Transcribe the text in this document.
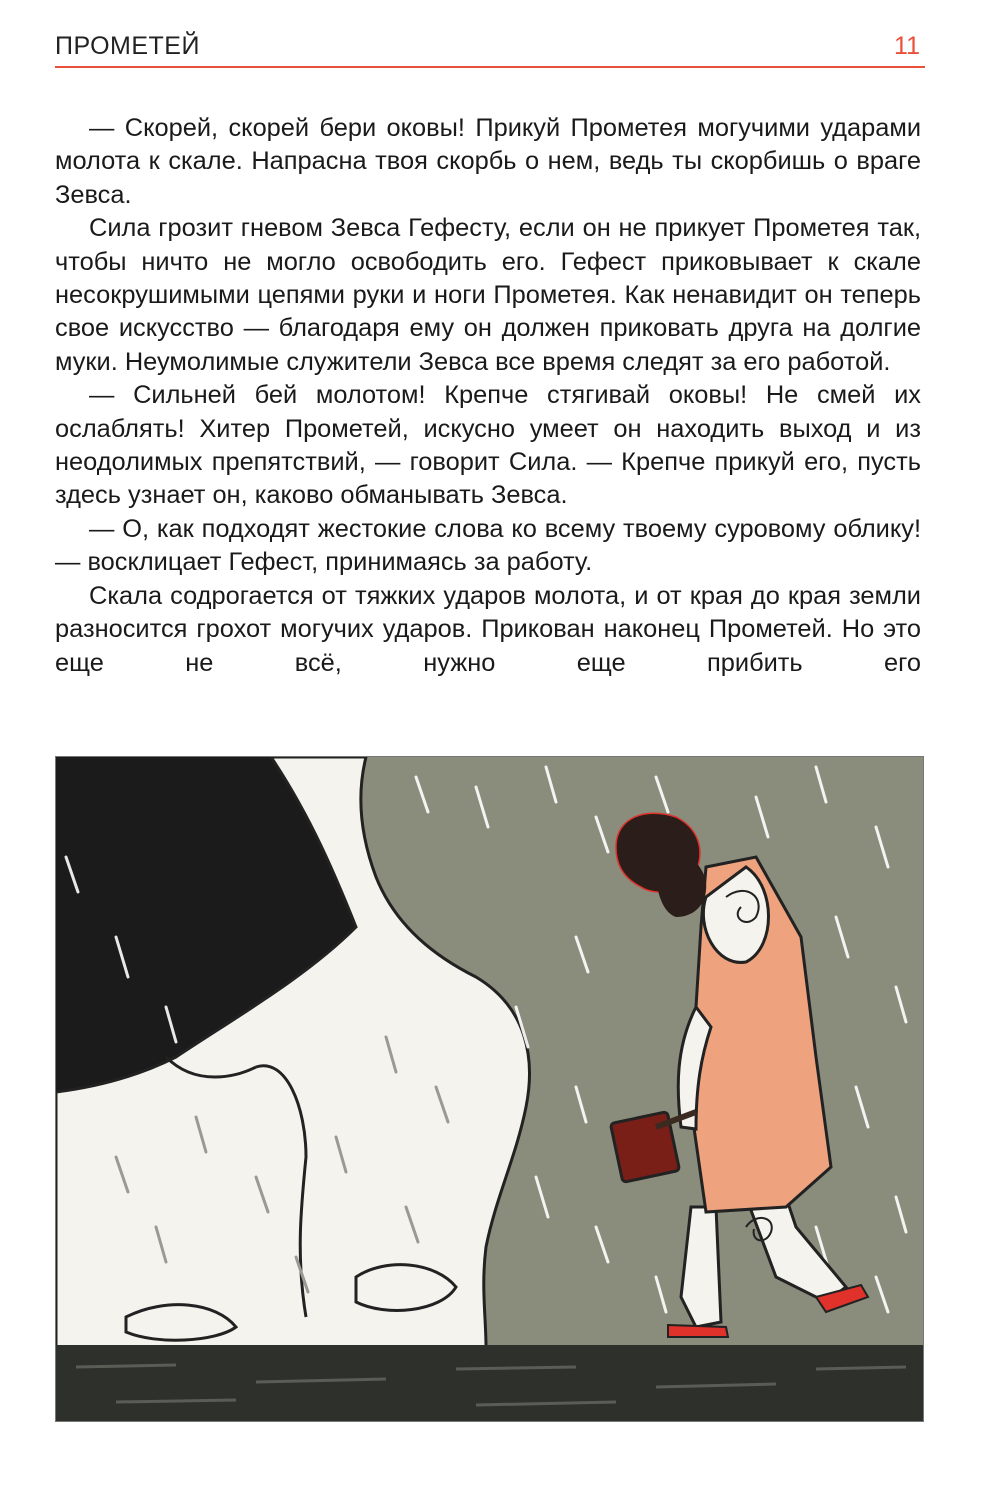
ПРОМЕТЕЙ	11

— Скорей, скорей бери оковы! Прикуй Прометея могучими ударами молота к скале. Напрасна твоя скорбь о нем, ведь ты скорбишь о враге Зевса.

Сила грозит гневом Зевса Гефесту, если он не прикует Прометея так, чтобы ничто не могло освободить его. Гефест приковывает к скале несокрушимыми цепями руки и ноги Прометея. Как ненавидит он теперь свое искусство — благодаря ему он должен приковать друга на долгие муки. Неумолимые служители Зевса все время следят за его работой.

— Сильней бей молотом! Крепче стягивай оковы! Не смей их ослаблять! Хитер Прометей, искусно умеет он находить выход и из неодолимых препятствий, — говорит Сила. — Крепче прикуй его, пусть здесь узнает он, каково обманывать Зевса.

— О, как подходят жестокие слова ко всему твоему суровому облику! — восклицает Гефест, принимаясь за работу.

Скала содрогается от тяжких ударов молота, и от края до края земли разносится грохот могучих ударов. Прикован наконец Прометей. Но это еще не всё, нужно еще прибить его
